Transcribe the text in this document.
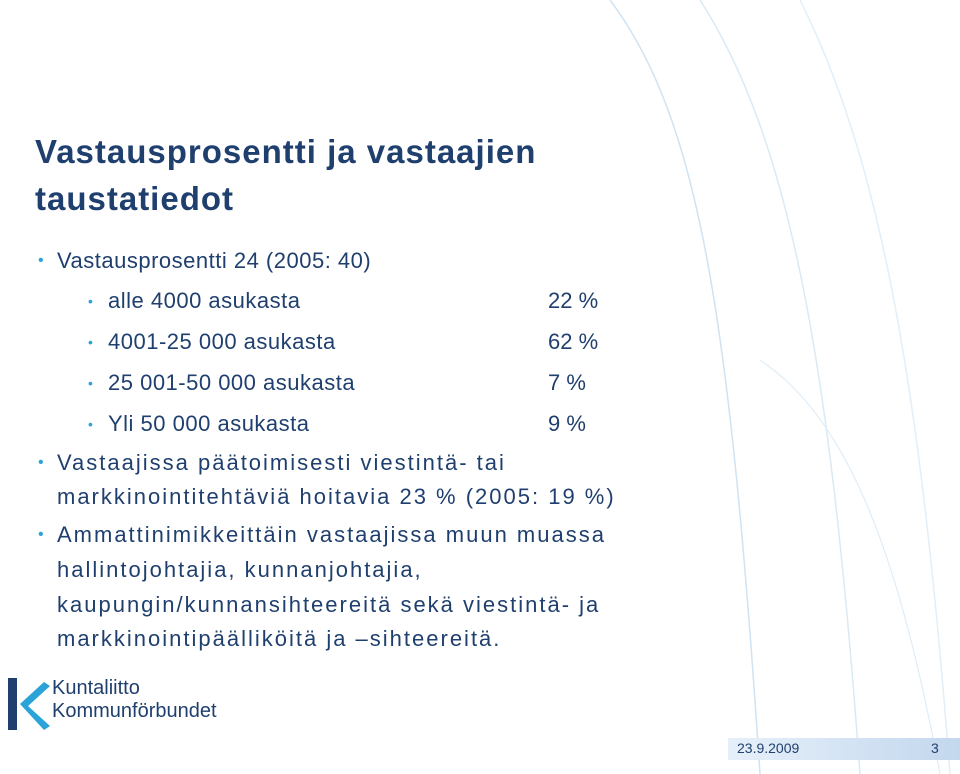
Vastausprosentti ja vastaajien
taustatiedot
• Vastausprosentti 24 (2005: 40)
• alle 4000 asukasta	22 %
• 4001-25 000 asukasta	62 %
• 25 001-50 000 asukasta	7 %
• Yli 50 000 asukasta	9 %
• Vastaajissa päätoimisesti viestintä- tai
markkinointitehtäviä hoitavia 23 % (2005: 19 %)
• Ammattinimikkeittäin vastaajissa muun muassa
hallintojohtajia, kunnanjohtajia,
kaupungin/kunnansihteereitä sekä viestintä- ja
markkinointipäälliköitä ja –sihteereitä.
Kuntaliitto
Kommunförbundet
23.9.2009	3
